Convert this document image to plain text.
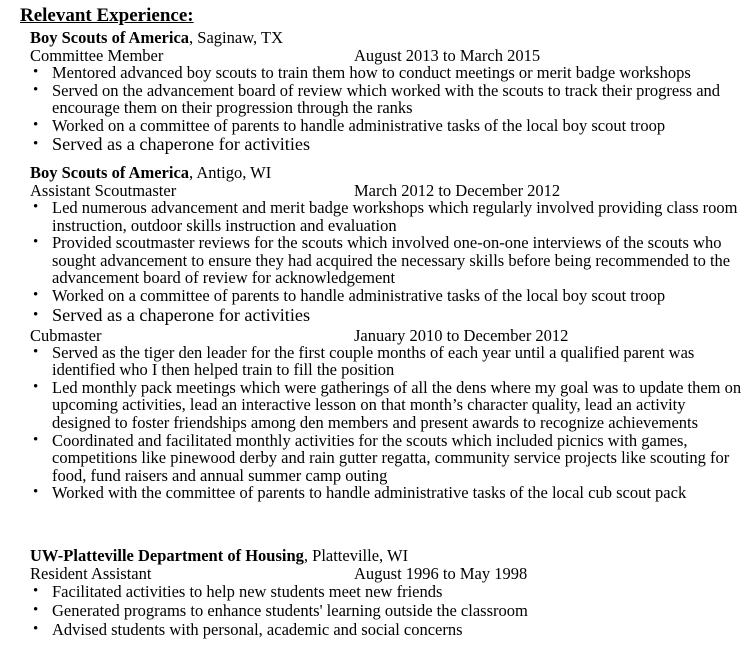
Relevant Experience:
Boy Scouts of America, Saginaw, TX
Committee Member	August 2013 to March 2015
• Mentored advanced boy scouts to train them how to conduct meetings or merit badge workshops
• Served on the advancement board of review which worked with the scouts to track their progress and encourage them on their progression through the ranks
• Worked on a committee of parents to handle administrative tasks of the local boy scout troop
• Served as a chaperone for activities
Boy Scouts of America, Antigo, WI
Assistant Scoutmaster	March 2012 to December 2012
• Led numerous advancement and merit badge workshops which regularly involved providing class room instruction, outdoor skills instruction and evaluation
• Provided scoutmaster reviews for the scouts which involved one-on-one interviews of the scouts who sought advancement to ensure they had acquired the necessary skills before being recommended to the advancement board of review for acknowledgement
• Worked on a committee of parents to handle administrative tasks of the local boy scout troop
• Served as a chaperone for activities
Cubmaster	January 2010 to December 2012
• Served as the tiger den leader for the first couple months of each year until a qualified parent was identified who I then helped train to fill the position
• Led monthly pack meetings which were gatherings of all the dens where my goal was to update them on upcoming activities, lead an interactive lesson on that month’s character quality, lead an activity designed to foster friendships among den members and present awards to recognize achievements
• Coordinated and facilitated monthly activities for the scouts which included picnics with games, competitions like pinewood derby and rain gutter regatta, community service projects like scouting for food, fund raisers and annual summer camp outing
• Worked with the committee of parents to handle administrative tasks of the local cub scout pack
UW-Platteville Department of Housing, Platteville, WI
Resident Assistant	August 1996 to May 1998
• Facilitated activities to help new students meet new friends
• Generated programs to enhance students' learning outside the classroom
• Advised students with personal, academic and social concerns
